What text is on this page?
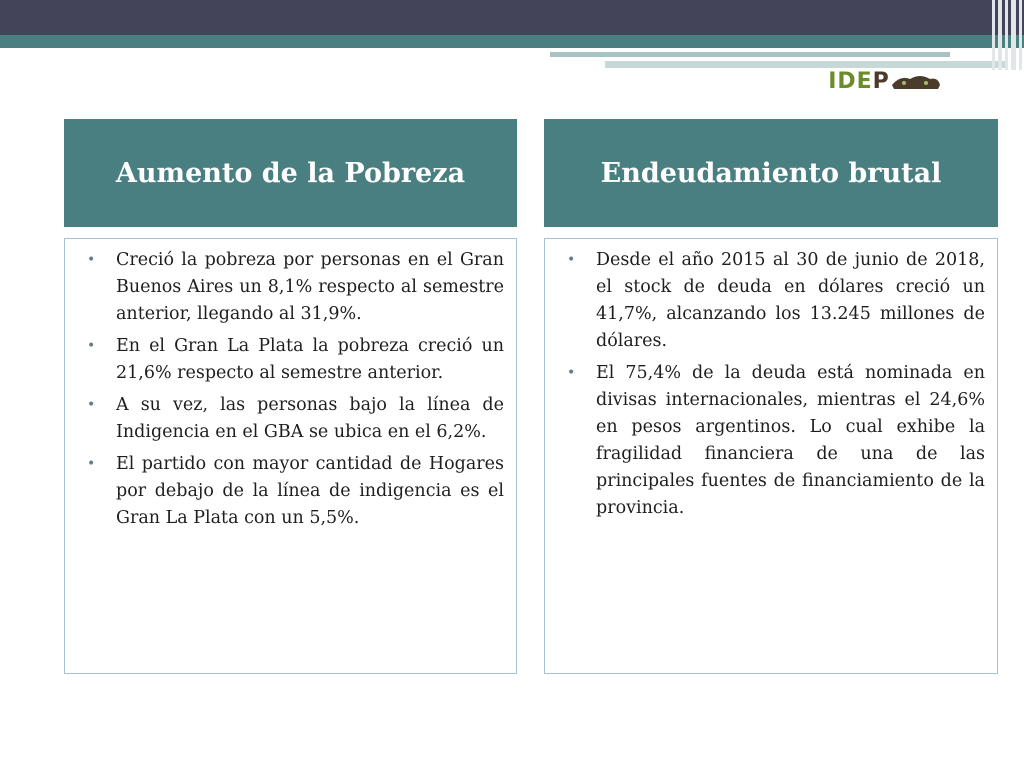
IDEP
Aumento de la Pobreza
• Creció la pobreza por personas en el Gran Buenos Aires un 8,1% respecto al semestre anterior, llegando al 31,9%.
• En el Gran La Plata la pobreza creció un 21,6% respecto al semestre anterior.
• A su vez, las personas bajo la línea de Indigencia en el GBA se ubica en el 6,2%.
• El partido con mayor cantidad de Hogares por debajo de la línea de indigencia es el Gran La Plata con un 5,5%.
Endeudamiento brutal
• Desde el año 2015 al 30 de junio de 2018, el stock de deuda en dólares creció un 41,7%, alcanzando los 13.245 millones de dólares.
• El 75,4% de la deuda está nominada en divisas internacionales, mientras el 24,6% en pesos argentinos. Lo cual exhibe la fragilidad financiera de una de las principales fuentes de financiamiento de la provincia.
